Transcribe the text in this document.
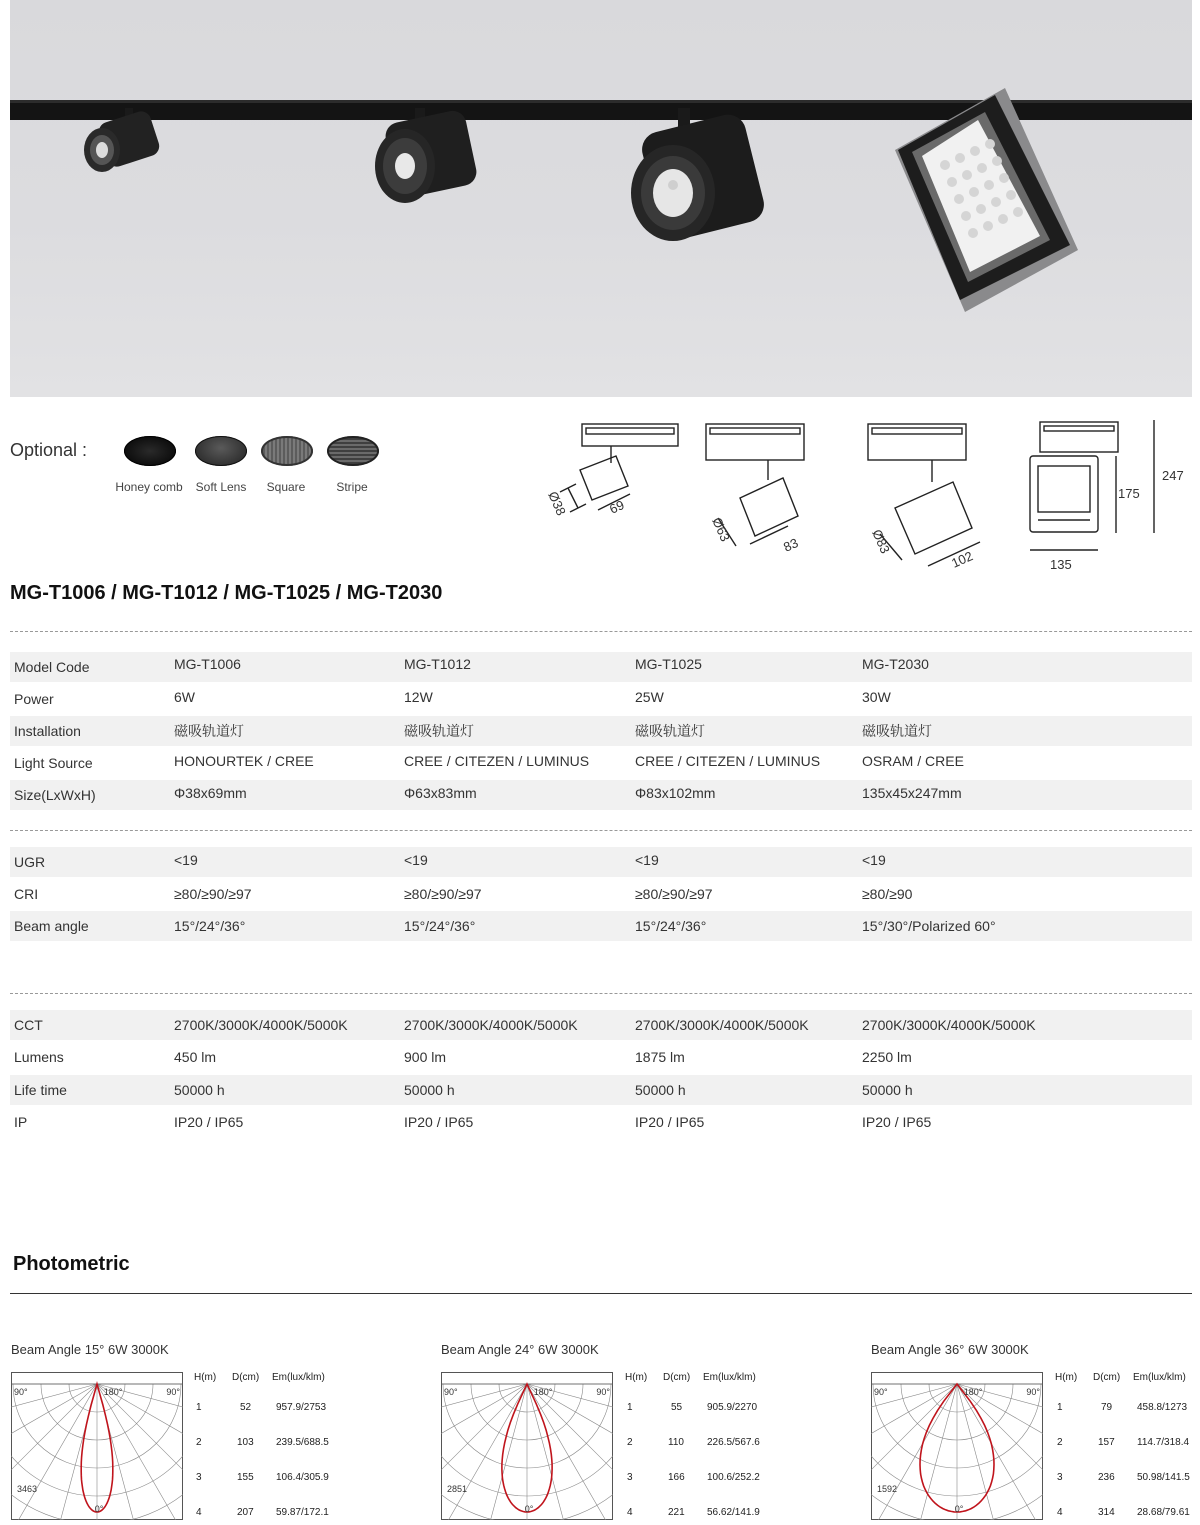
Optional :
Honey comb	Soft Lens	Square	Stripe
Ø38	69
Ø63
83	Ø83
102
175
247
135
MG-T1006 / MG-T1012 / MG-T1025 / MG-T2030
Model Code	MG-T1006	MG-T1012	MG-T1025	MG-T2030
Power	6W	12W	25W	30W
Installation	磁吸轨道灯	磁吸轨道灯	磁吸轨道灯	磁吸轨道灯
Light Source	HONOURTEK / CREE	CREE / CITEZEN / LUMINUS	CREE / CITEZEN / LUMINUS	OSRAM / CREE
Size(LxWxH)	Φ38x69mm	Φ63x83mm	Φ83x102mm	135x45x247mm
UGR	<19	<19	<19	<19
CRI	≥80/≥90/≥97	≥80/≥90/≥97	≥80/≥90/≥97	≥80/≥90
Beam angle	15°/24°/36°	15°/24°/36°	15°/24°/36°	15°/30°/Polarized 60°
CCT	2700K/3000K/4000K/5000K	2700K/3000K/4000K/5000K	2700K/3000K/4000K/5000K	2700K/3000K/4000K/5000K
Lumens	450 lm	900 lm	1875 lm	2250 lm
Life time	50000 h	50000 h	50000 h	50000 h
IP	IP20 / IP65	IP20 / IP65	IP20 / IP65	IP20 / IP65
Photometric
Beam Angle 15° 6W 3000K
90°	180°	90°
0°
3463
H(m) D(cm) Em(lux/klm)
1	52 957.9/2753
2	103 239.5/688.5
3	155 106.4/305.9
4	207 59.87/172.1
Beam Angle 24° 6W 3000K
90°	180°	90°
0°
2851
H(m) D(cm) Em(lux/klm)
1	55 905.9/2270
2	110 226.5/567.6
3	166 100.6/252.2
4	221 56.62/141.9
Beam Angle 36° 6W 3000K
90°	180°	90°
0°
1592
H(m) D(cm) Em(lux/klm)
1	79 458.8/1273
2	157 114.7/318.4
3	236 50.98/141.5
4	314 28.68/79.61
